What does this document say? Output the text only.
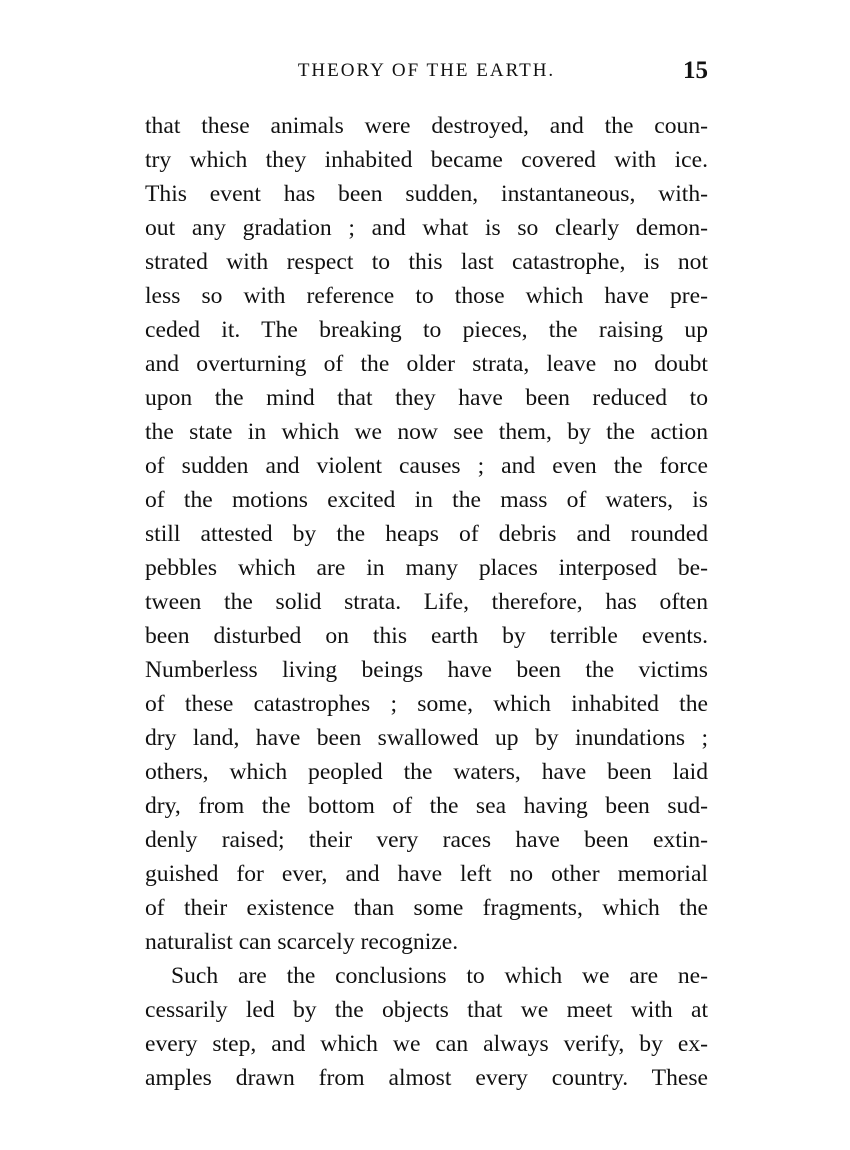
THEORY OF THE EARTH.	15
that these animals were destroyed, and the coun-
try which they inhabited became covered with ice.
This event has been sudden, instantaneous, with-
out any gradation ; and what is so clearly demon-
strated with respect to this last catastrophe, is not
less so with reference to those which have pre-
ceded it. The breaking to pieces, the raising up
and overturning of the older strata, leave no doubt
upon the mind that they have been reduced to
the state in which we now see them, by the action
of sudden and violent causes ; and even the force
of the motions excited in the mass of waters, is
still attested by the heaps of debris and rounded
pebbles which are in many places interposed be-
tween the solid strata. Life, therefore, has often
been disturbed on this earth by terrible events.
Numberless living beings have been the victims
of these catastrophes ; some, which inhabited the
dry land, have been swallowed up by inundations ;
others, which peopled the waters, have been laid
dry, from the bottom of the sea having been sud-
denly raised; their very races have been extin-
guished for ever, and have left no other memorial
of their existence than some fragments, which the
naturalist can scarcely recognize.
Such are the conclusions to which we are ne-
cessarily led by the objects that we meet with at
every step, and which we can always verify, by ex-
amples drawn from almost every country. These
